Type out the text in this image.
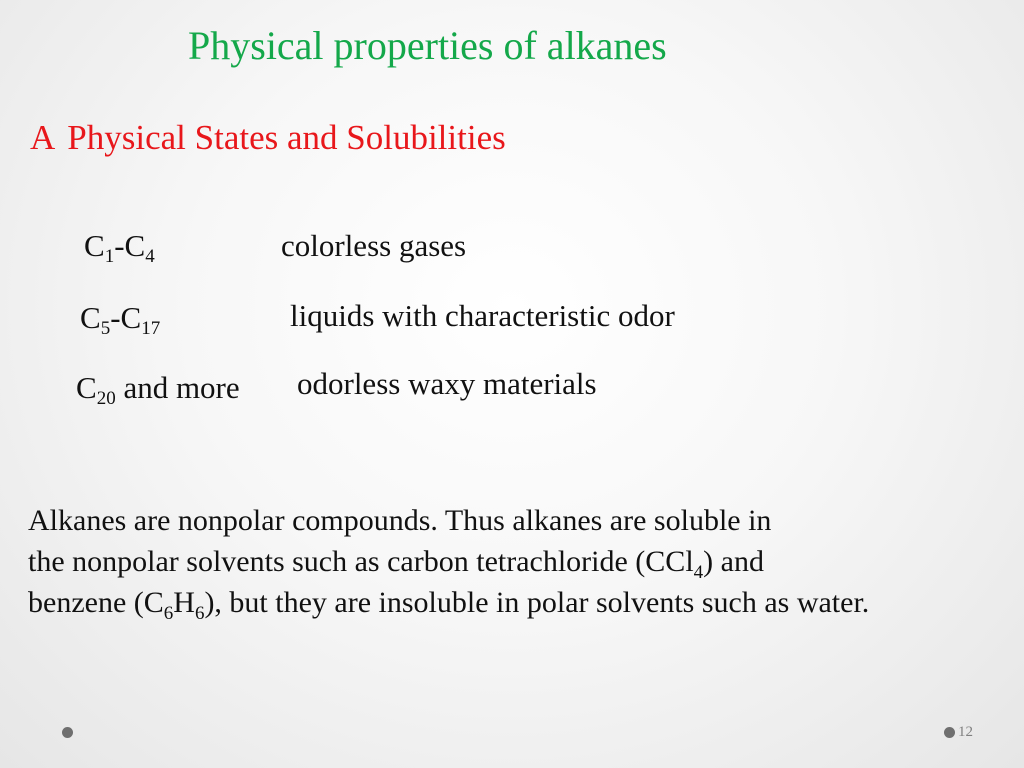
Physical properties of alkanes
A Physical States and Solubilities
$C_1-C_4$	colorless gases
$C_5-C_{17}$	liquids with characteristic odor
$C_{20}$ and more odorless waxy materials
Alkanes are nonpolar compounds. Thus alkanes are soluble in
the nonpolar solvents such as carbon tetrachloride (CCl$_4$) and
benzene $(C_6H_6)$, but they are insoluble in polar solvents such as water.
12
